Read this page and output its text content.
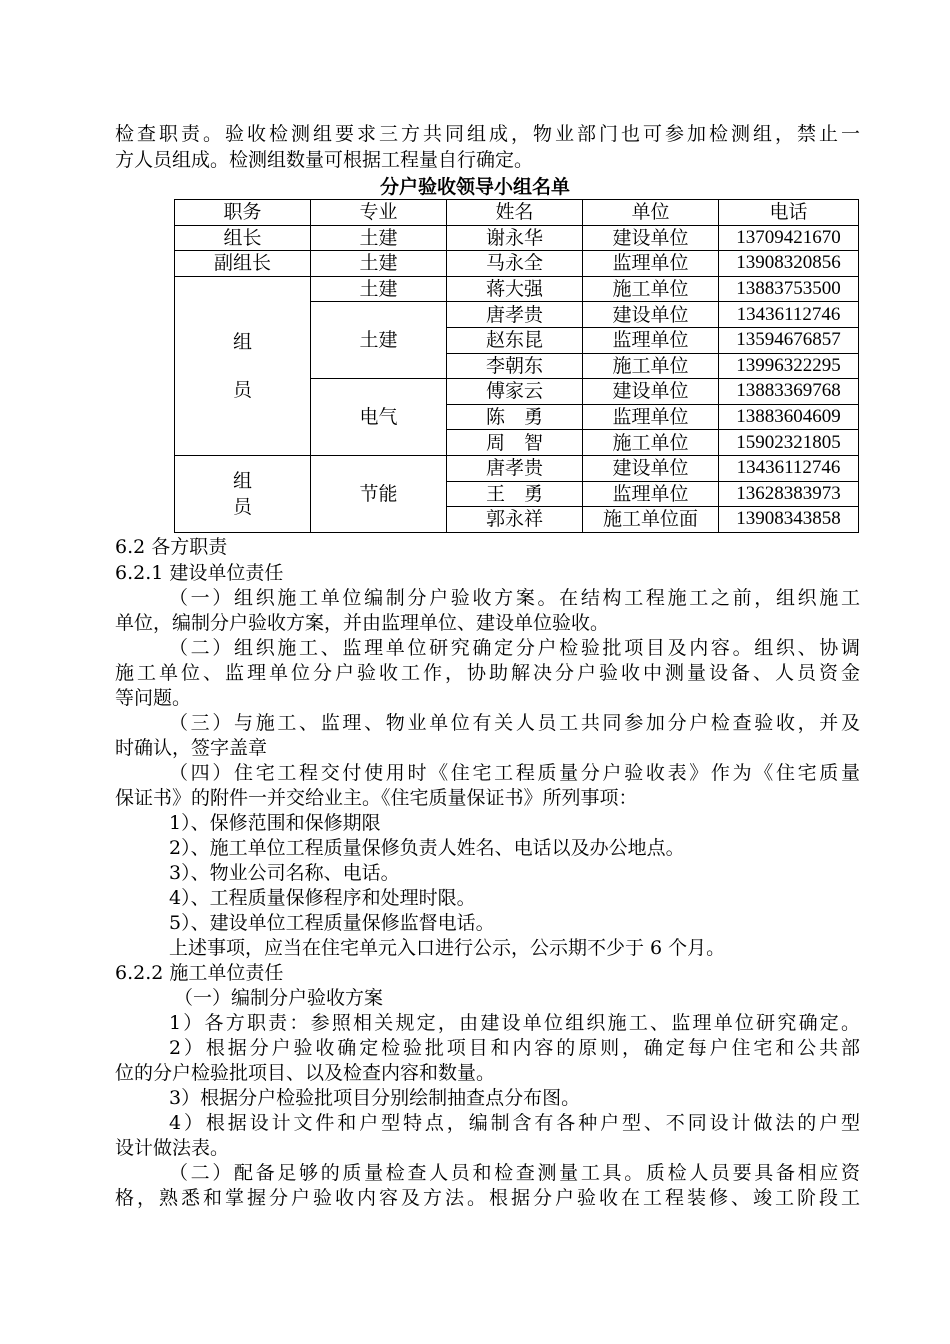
检查职责。验收检测组要求三方共同组成，物业部门也可参加检测组，禁止一
方人员组成。检测组数量可根据工程量自行确定。
分户验收领导小组名单
职务	专业	姓名	单位	电话
组长	土建	谢永华	建设单位	13709421670
副组长	土建	马永全	监理单位	13908320856

组
员	土建	蒋大强	施工单位	13883753500
	土建	唐孝贵	建设单位	13436112746
		赵东昆	监理单位	13594676857
		李朝东	施工单位	13996322295
	电气	傅家云	建设单位	13883369768
		陈　勇	监理单位	13883604609
		周　智	施工单位	15902321805

组
员	节能	唐孝贵	建设单位	13436112746
		王　勇	监理单位	13628383973
		郭永祥	施工单位面	13908343858
6.2 各方职责
6.2.1 建设单位责任
（一）组织施工单位编制分户验收方案。在结构工程施工之前，组织施工
单位，编制分户验收方案，并由监理单位、建设单位验收。
（二）组织施工、监理单位研究确定分户检验批项目及内容。组织、协调
施工单位、监理单位分户验收工作，协助解决分户验收中测量设备、人员资金
等问题。
（三）与施工、监理、物业单位有关人员工共同参加分户检查验收，并及
时确认，签字盖章
（四）住宅工程交付使用时《住宅工程质量分户验收表》作为《住宅质量
保证书》的附件一并交给业主。《住宅质量保证书》所列事项：
1）、保修范围和保修期限
2）、施工单位工程质量保修负责人姓名、电话以及办公地点。
3）、物业公司名称、电话。
4）、工程质量保修程序和处理时限。
5）、建设单位工程质量保修监督电话。
上述事项，应当在住宅单元入口进行公示，公示期不少于 6 个月。
6.2.2 施工单位责任
（一）编制分户验收方案
1）各方职责：参照相关规定，由建设单位组织施工、监理单位研究确定。
2）根据分户验收确定检验批项目和内容的原则，确定每户住宅和公共部
位的分户检验批项目、以及检查内容和数量。
3）根据分户检验批项目分别绘制抽查点分布图。
4）根据设计文件和户型特点，编制含有各种户型、不同设计做法的户型
设计做法表。
（二）配备足够的质量检查人员和检查测量工具。质检人员要具备相应资
格，熟悉和掌握分户验收内容及方法。根据分户验收在工程装修、竣工阶段工
